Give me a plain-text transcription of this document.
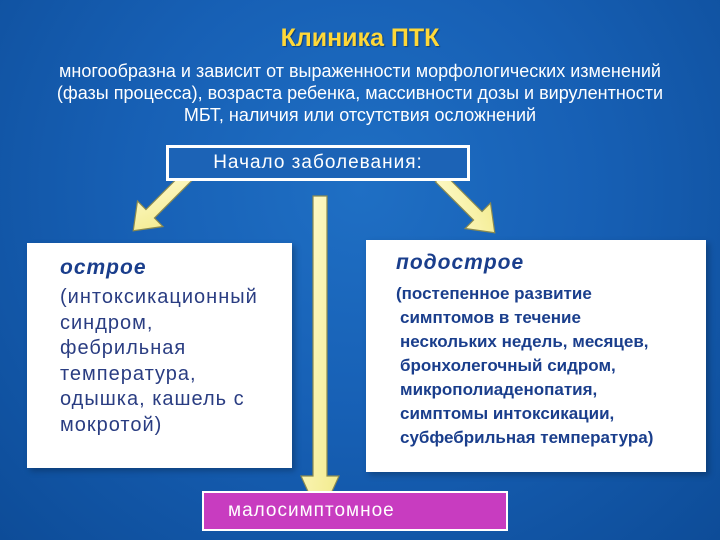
Клиника ПТК
многообразна и зависит от выраженности морфологических изменений
(фазы процесса), возраста ребенка, массивности дозы и вирулентности
МБТ, наличия или отсутствия осложнений
Начало заболевания:
острое
(интоксикационный
синдром,
фебрильная
температура,
одышка, кашель с
мокротой)
подострое
(постепенное развитие
симптомов в течение
нескольких недель, месяцев,
бронхолегочный сидром,
микрополиаденопатия,
симптомы интоксикации,
субфебрильная температура)
малосимптомное
